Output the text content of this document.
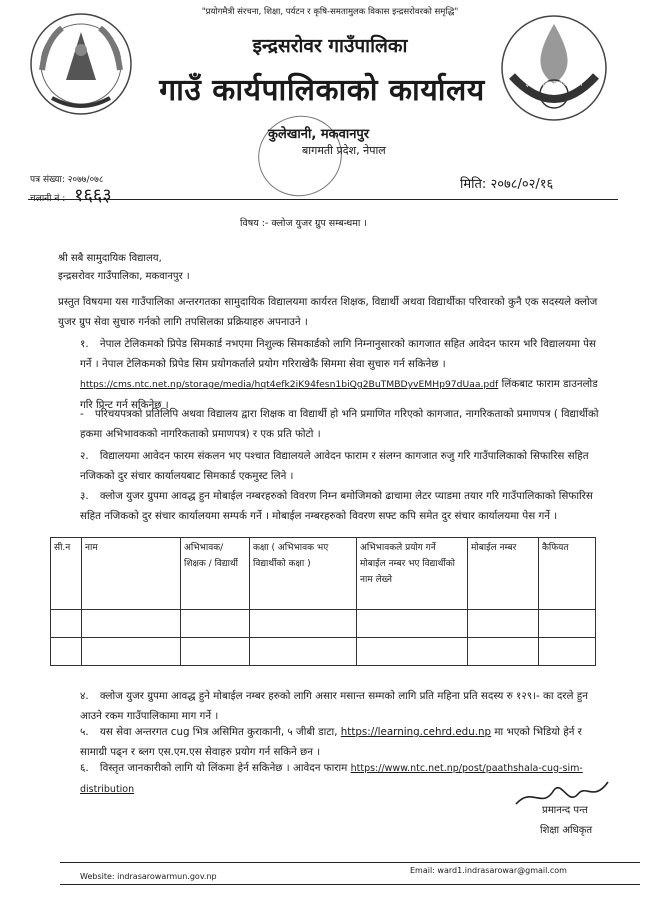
इन्द्रसरोवर गाउँपालिका
"प्रयोगमैत्री संरचना, शिक्षा, पर्यटन र कृषि-समतामुलक विकास इन्द्रसरोवरको समृद्धि"
इन्द्रसरोवर गाउँपालिका
गाउँ कार्यपालिकाको कार्यालय
कुलेखानी, मकवानपुर
बागमती प्रदेश, नेपाल
पत्र संख्या: २०७७/०७८
चलानी नं : १६६३
मिति: २०७८/०२/१६
विषय :- क्लोज युजर ग्रुप सम्बन्धमा ।
श्री सबै सामुदायिक विद्यालय,
इन्द्रसरोवर गाउँपालिका, मकवानपुर ।
प्रस्तुत विषयमा यस गाउँपालिका अन्तरगतका सामुदायिक विद्यालयमा कार्यरत शिक्षक, विद्यार्थी अथवा विद्यार्थीका परिवारको कुनै एक सदस्यले क्लोज युजर ग्रुप सेवा सुचारु गर्नको लागि तपसिलका प्रक्रियाहरु अपनाउने ।
१. नेपाल टेलिकमको प्रिपेड सिमकार्ड नभएमा निशुल्क सिमकार्डको लागि निम्नानुसारको कागजात सहित आवेदन फारम भरि विद्यालयमा पेस गर्ने । नेपाल टेलिकमको प्रिपेड सिम प्रयोगकर्ताले प्रयोग गरिराखेकै सिममा सेवा सुचारु गर्न सकिनेछ । https://cms.ntc.net.np/storage/media/hqt4efk2iK94fesn1biQg2BuTMBDyvEMHp97dUaa.pdf लिंकबाट फाराम डाउनलोड गरि प्रिन्ट गर्न सकिनेछ ।
- परिचयपत्रको प्रतिलिपि अथवा विद्यालय द्वारा शिक्षक वा विद्यार्थी हो भनि प्रमाणित गरिएको कागजात, नागरिकताको प्रमाणपत्र ( विद्यार्थीको हकमा अभिभावकको नागरिकताको प्रमाणपत्र) र एक प्रति फोटो ।
२. विद्यालयमा आवेदन फारम संकलन भए पश्चात विद्यालयले आवेदन फाराम र संलग्न कागजात रुजु गरि गाउँपालिकाको सिफारिस सहित नजिकको दुर संचार कार्यालयबाट सिमकार्ड एकमुस्ट लिने ।
३. क्लोज युजर ग्रुपमा आवद्ध हुन मोबाईल नम्बरहरुको विवरण निम्न बमोजिमको ढाचामा लेटर प्याडमा तयार गरि गाउँपालिकाको सिफारिस सहित नजिकको दुर संचार कार्यालयमा सम्पर्क गर्ने । मोबाईल नम्बरहरुको विवरण सफ्ट कपि समेत दुर संचार कार्यालयमा पेस गर्ने ।
सी.न	नाम	अभिभावक/ शिक्षक / विद्यार्थी	कक्षा ( अभिभावक भए विद्यार्थीको कक्षा )	अभिभावकले प्रयोग गर्ने मोबाईल नम्बर भए विद्यार्थीको नाम लेख्ने	मोबाईल नम्बर	कैफियत

४. क्लोज युजर ग्रुपमा आवद्ध हुने मोबाईल नम्बर हरुको लागि असार मसान्त सम्मको लागि प्रति महिना प्रति सदस्य रु १२९।- का दरले हुन आउने रकम गाउँपालिकामा माग गर्ने ।
५. यस सेवा अन्तरगत cug भित्र असिमित कुराकानी, ५ जीबी डाटा, https://learning.cehrd.edu.np मा भएको भिडियो हेर्न र सामाग्री पढ्न र ब्लग एस.एम.एस सेवाहरु प्रयोग गर्न सकिने छन ।
६. विस्तृत जानकारीको लागि यो लिंकमा हेर्न सकिनेछ । आवेदन फाराम https://www.ntc.net.np/post/paathshala-cug-sim-distribution
प्रमानन्द पन्त
शिक्षा अधिकृत
Website: indrasarowarmun.gov.np
Email: ward1.indrasarowar@gmail.com
